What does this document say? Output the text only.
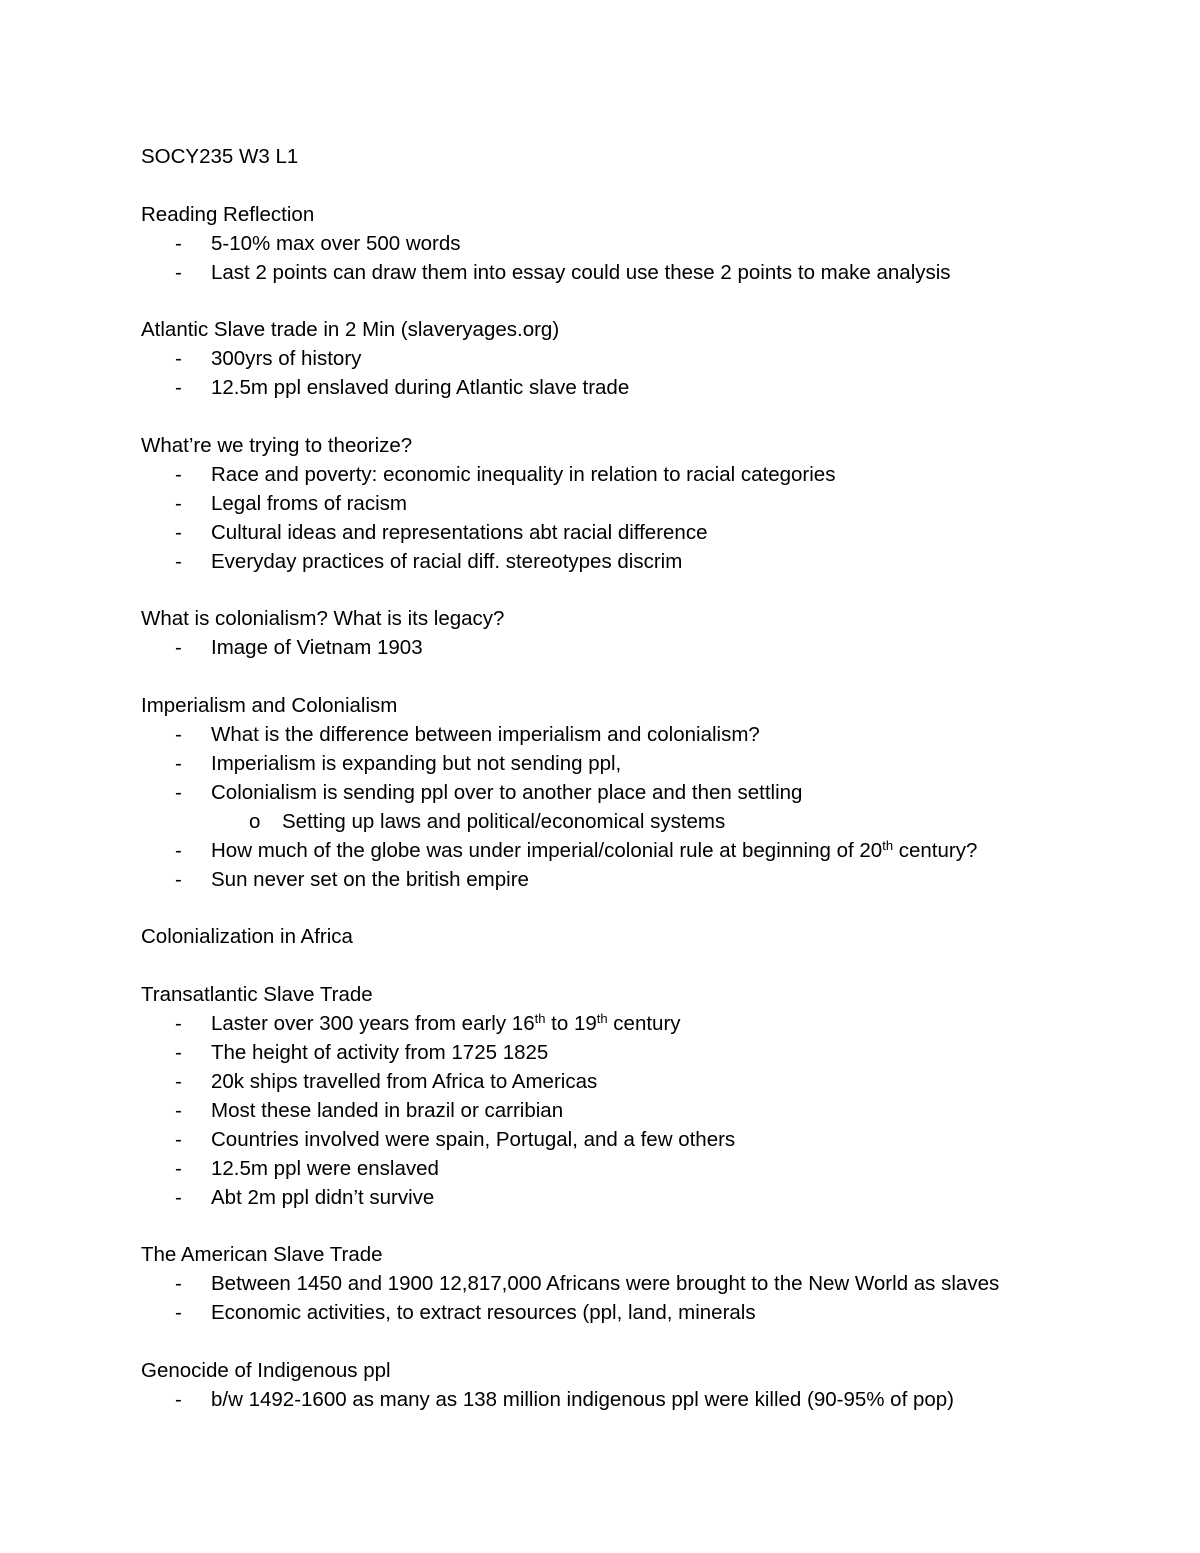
SOCY235 W3 L1
Reading Reflection
- 5-10% max over 500 words
- Last 2 points can draw them into essay could use these 2 points to make analysis
Atlantic Slave trade in 2 Min (slaveryages.org)
- 300yrs of history
- 12.5m ppl enslaved during Atlantic slave trade
What’re we trying to theorize?
- Race and poverty: economic inequality in relation to racial categories
- Legal froms of racism
- Cultural ideas and representations abt racial difference
- Everyday practices of racial diff. stereotypes discrim
What is colonialism? What is its legacy?
- Image of Vietnam 1903
Imperialism and Colonialism
- What is the difference between imperialism and colonialism?
- Imperialism is expanding but not sending ppl,
- Colonialism is sending ppl over to another place and then settling
o Setting up laws and political/economical systems
- How much of the globe was under imperial/colonial rule at beginning of 20th century?
- Sun never set on the british empire
Colonialization in Africa
Transatlantic Slave Trade
- Laster over 300 years from early 16th to 19th century
- The height of activity from 1725 1825
- 20k ships travelled from Africa to Americas
- Most these landed in brazil or carribian
- Countries involved were spain, Portugal, and a few others
- 12.5m ppl were enslaved
- Abt 2m ppl didn’t survive
The American Slave Trade
- Between 1450 and 1900 12,817,000 Africans were brought to the New World as slaves
- Economic activities, to extract resources (ppl, land, minerals
Genocide of Indigenous ppl
- b/w 1492-1600 as many as 138 million indigenous ppl were killed (90-95% of pop)
